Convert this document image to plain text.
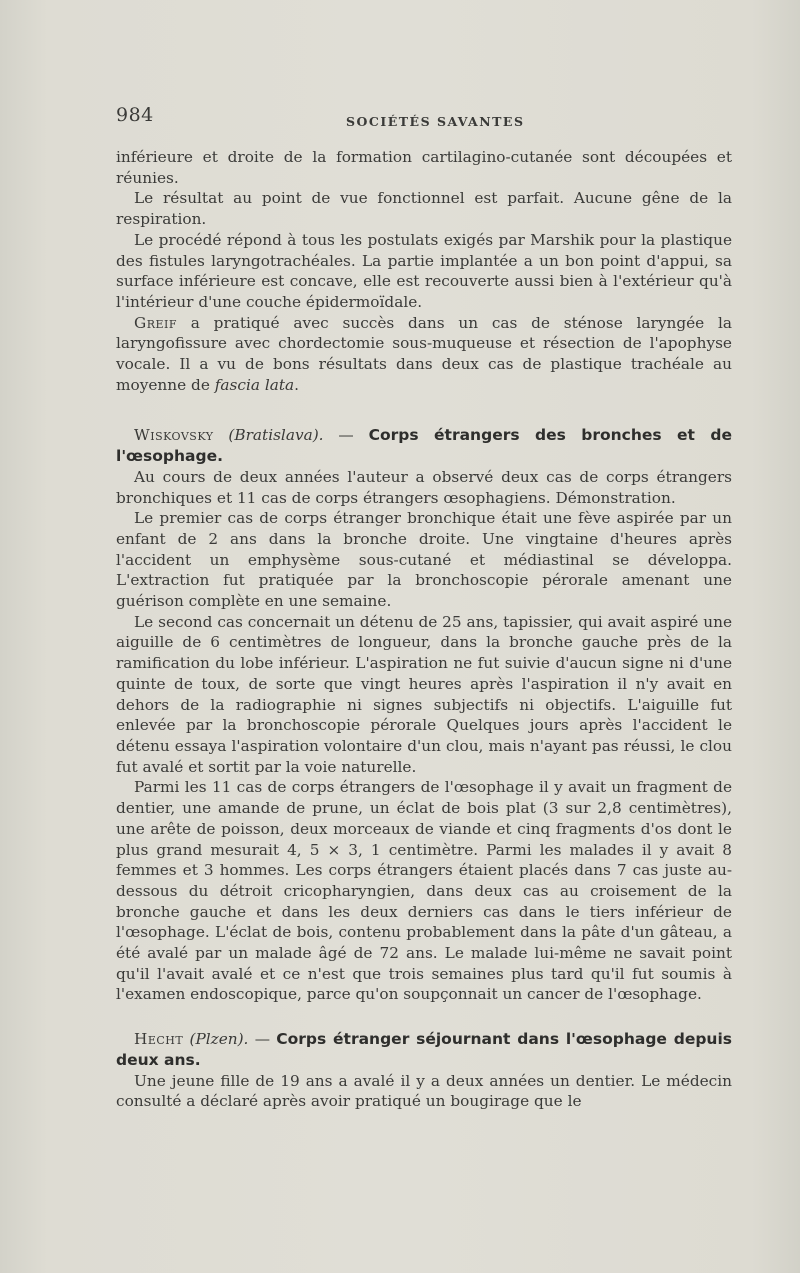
984	SOCIÉTÉS SAVANTES

inférieure et droite de la formation cartilagino-cutanée sont découpées et réunies.

Le résultat au point de vue fonctionnel est parfait. Aucune gêne de la respiration.

Le procédé répond à tous les postulats exigés par Marshik pour la plastique des fistules laryngotrachéales. La partie implantée a un bon point d'appui, sa surface inférieure est concave, elle est recouverte aussi bien à l'extérieur qu'à l'intérieur d'une couche épidermoïdale.

Greif a pratiqué avec succès dans un cas de sténose laryngée la laryngofissure avec chordectomie sous-muqueuse et résection de l'apophyse vocale. Il a vu de bons résultats dans deux cas de plastique trachéale au moyenne de fascia lata.

Wiskovsky (Bratislava). — Corps étrangers des bronches et de l'œsophage.

Au cours de deux années l'auteur a observé deux cas de corps étrangers bronchiques et 11 cas de corps étrangers œsophagiens. Démonstration.

Le premier cas de corps étranger bronchique était une fève aspirée par un enfant de 2 ans dans la bronche droite. Une vingtaine d'heures après l'accident un emphysème sous-cutané et médiastinal se développa. L'extraction fut pratiquée par la bronchoscopie pérorale amenant une guérison complète en une semaine.

Le second cas concernait un détenu de 25 ans, tapissier, qui avait aspiré une aiguille de 6 centimètres de longueur, dans la bronche gauche près de la ramification du lobe inférieur. L'aspiration ne fut suivie d'aucun signe ni d'une quinte de toux, de sorte que vingt heures après l'aspiration il n'y avait en dehors de la radiographie ni signes subjectifs ni objectifs. L'aiguille fut enlevée par la bronchoscopie pérorale Quelques jours après l'accident le détenu essaya l'aspiration volontaire d'un clou, mais n'ayant pas réussi, le clou fut avalé et sortit par la voie naturelle.

Parmi les 11 cas de corps étrangers de l'œsophage il y avait un fragment de dentier, une amande de prune, un éclat de bois plat (3 sur 2,8 centimètres), une arête de poisson, deux morceaux de viande et cinq fragments d'os dont le plus grand mesurait 4, 5 × 3, 1 centimètre. Parmi les malades il y avait 8 femmes et 3 hommes. Les corps étrangers étaient placés dans 7 cas juste au-dessous du détroit cricopharyngien, dans deux cas au croisement de la bronche gauche et dans les deux derniers cas dans le tiers inférieur de l'œsophage. L'éclat de bois, contenu probablement dans la pâte d'un gâteau, a été avalé par un malade âgé de 72 ans. Le malade lui-même ne savait point qu'il l'avait avalé et ce n'est que trois semaines plus tard qu'il fut soumis à l'examen endoscopique, parce qu'on soupçonnait un cancer de l'œsophage.

Hecht (Plzen). — Corps étranger séjournant dans l'œsophage depuis deux ans.

Une jeune fille de 19 ans a avalé il y a deux années un dentier. Le médecin consulté a déclaré après avoir pratiqué un bougirage que le
